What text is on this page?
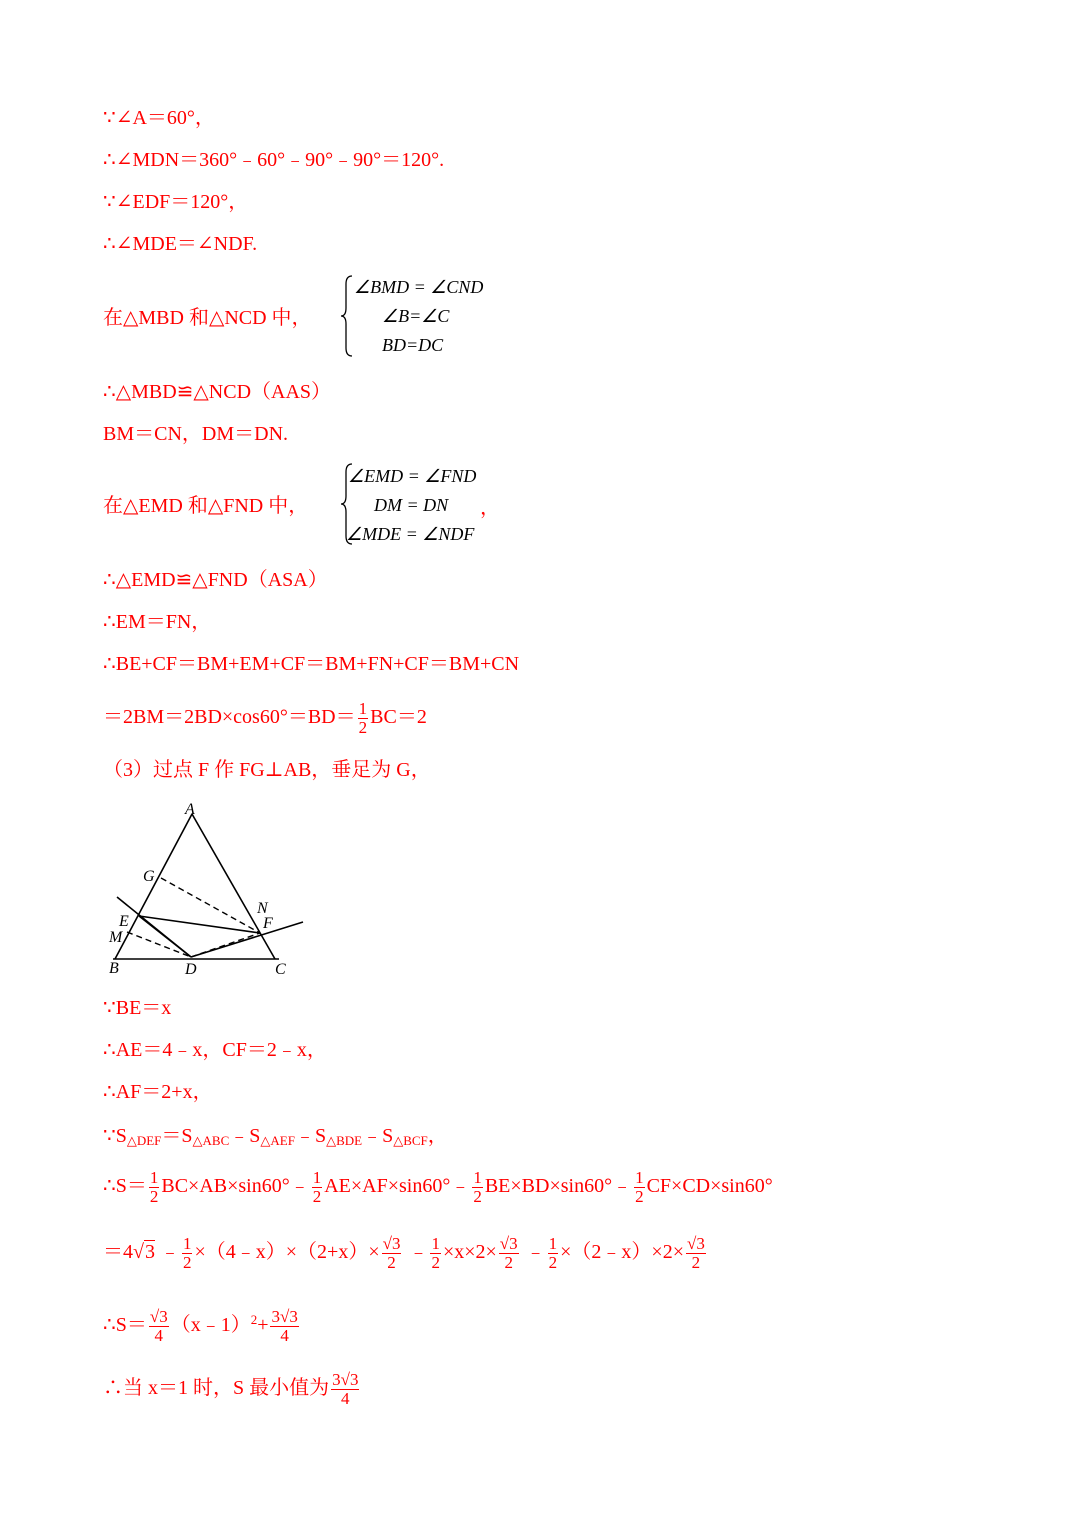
∵∠A＝60°，
∴∠MDN＝360°﹣60°﹣90°﹣90°＝120°.
∵∠EDF＝120°，
∴∠MDE＝∠NDF.
在△MBD 和△NCD 中，
∠BMD = ∠CND
∠B=∠C
BD=DC
∴△MBD≌△NCD（AAS）
BM＝CN，DM＝DN.
在△EMD 和△FND 中，
∠EMD = ∠FND
DM = DN
∠MDE = ∠NDF
，
∴△EMD≌△FND（ASA）
∴EM＝FN，
∴BE+CF＝BM+EM+CF＝BM+FN+CF＝BM+CN
$=2BM=2BD\times\cos 60^\circ=BD= \frac{1}{2} BC=2$
（3）过点 F 作 FG⊥AB，垂足为 G，
A
G
N
F
E
M
B	D	C
∵BE＝x
∴AE＝4﹣x，CF＝2﹣x，
∴AF＝2+x，
$\because S_{\triangle DEF}=S_{\triangle ABC}﹣S_{\triangle AEF}﹣S_{\triangle BDE}﹣S_{\triangle BCF}$，
∴S＝ $\frac{1}{2}$ BC×AB×sin60°﹣ $\frac{1}{2}$ AE×AF×sin60°﹣ $\frac{1}{2}$ BE×BD×sin60°﹣ $\frac{1}{2} CF\times CD\times\sin 60^\circ$
＝4√3 ﹣ $\frac{1}{2}$ ×（4﹣x）×（2+x）× $\frac{√3}{2}$ ﹣ $\frac{1}{2} \times x\times 2\times \frac{√3}{2}$ ﹣ $\frac{1}{2}$ ×（2﹣x）×2× $\frac{√3}{2}$
∴S＝ $\frac{√3}{4}$ （x﹣1）$^2$+ $\frac{3√3}{4}$
∴当 x＝1 时，S 最小值为 $\frac{3√3}{4}$
